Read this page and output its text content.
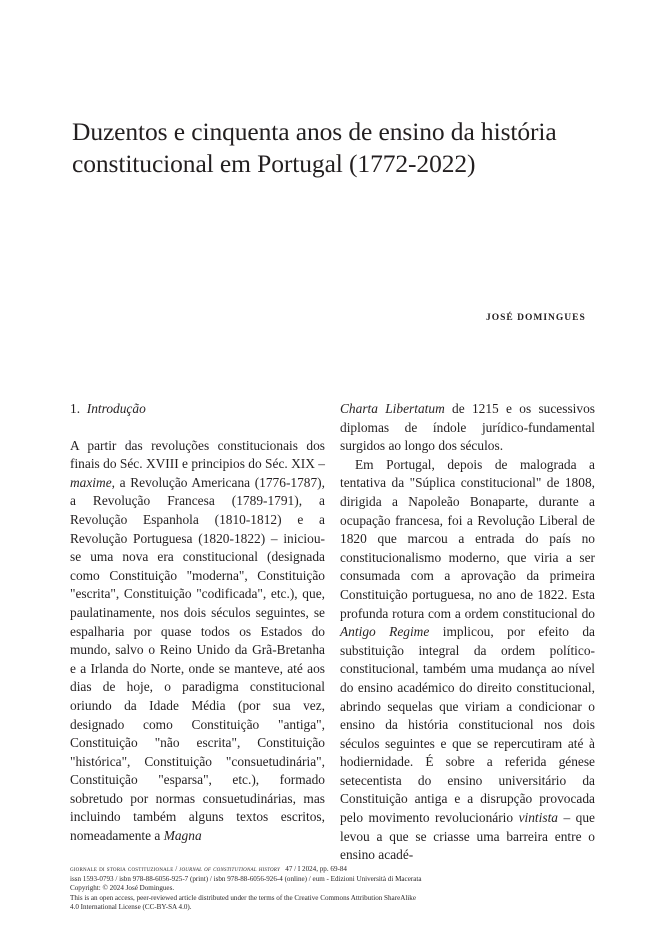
Duzentos e cinquenta anos de ensino da história constitucional em Portugal (1772-2022)
JOSÉ DOMINGUES

1. Introdução

A partir das revoluções constitucionais dos finais do Séc. XVIII e principios do Séc. XIX – maxime, a Revolução Americana (1776-1787), a Revolução Francesa (1789-1791), a Revolução Espanhola (1810-1812) e a Revolução Portuguesa (1820-1822) – iniciou-se uma nova era constitucional (designada como Constituição "moderna", Constituição "escrita", Constituição "codificada", etc.), que, paulatinamente, nos dois séculos seguintes, se espalharia por quase todos os Estados do mundo, salvo o Reino Unido da Grã-Bretanha e a Irlanda do Norte, onde se manteve, até aos dias de hoje, o paradigma constitucional oriundo da Idade Média (por sua vez, designado como Constituição "antiga", Constituição "não escrita", Constituição "histórica", Constituição "consuetudinária", Constituição "esparsa", etc.), formado sobretudo por normas consuetudinárias, mas incluindo também alguns textos escritos, nomeadamente a Magna

Charta Libertatum de 1215 e os sucessivos diplomas de índole jurídico-fundamental surgidos ao longo dos séculos.

Em Portugal, depois de malograda a tentativa da "Súplica constitucional" de 1808, dirigida a Napoleão Bonaparte, durante a ocupação francesa, foi a Revolução Liberal de 1820 que marcou a entrada do país no constitucionalismo moderno, que viria a ser consumada com a aprovação da primeira Constituição portuguesa, no ano de 1822. Esta profunda rotura com a ordem constitucional do Antigo Regime implicou, por efeito da substituição integral da ordem político-constitucional, também uma mudança ao nível do ensino académico do direito constitucional, abrindo sequelas que viriam a condicionar o ensino da história constitucional nos dois séculos seguintes e que se repercutiram até à hodiernidade. É sobre a referida génese setecentista do ensino universitário da Constituição antiga e a disrupção provocada pelo movimento revolucionário vintista – que levou a que se criasse uma barreira entre o ensino acadé-

giornale di storia costituzionale / journal of constitutional history 47 / I 2024, pp. 69-84
issn 1593-0793 / isbn 978-88-6056-925-7 (print) / isbn 978-88-6056-926-4 (online) / eum - Edizioni Università di Macerata
Copyright: © 2024 José Domingues.
This is an open access, peer-reviewed article distributed under the terms of the Creative Commons Attribution ShareAlike
4.0 International License (CC-BY-SA 4.0).
